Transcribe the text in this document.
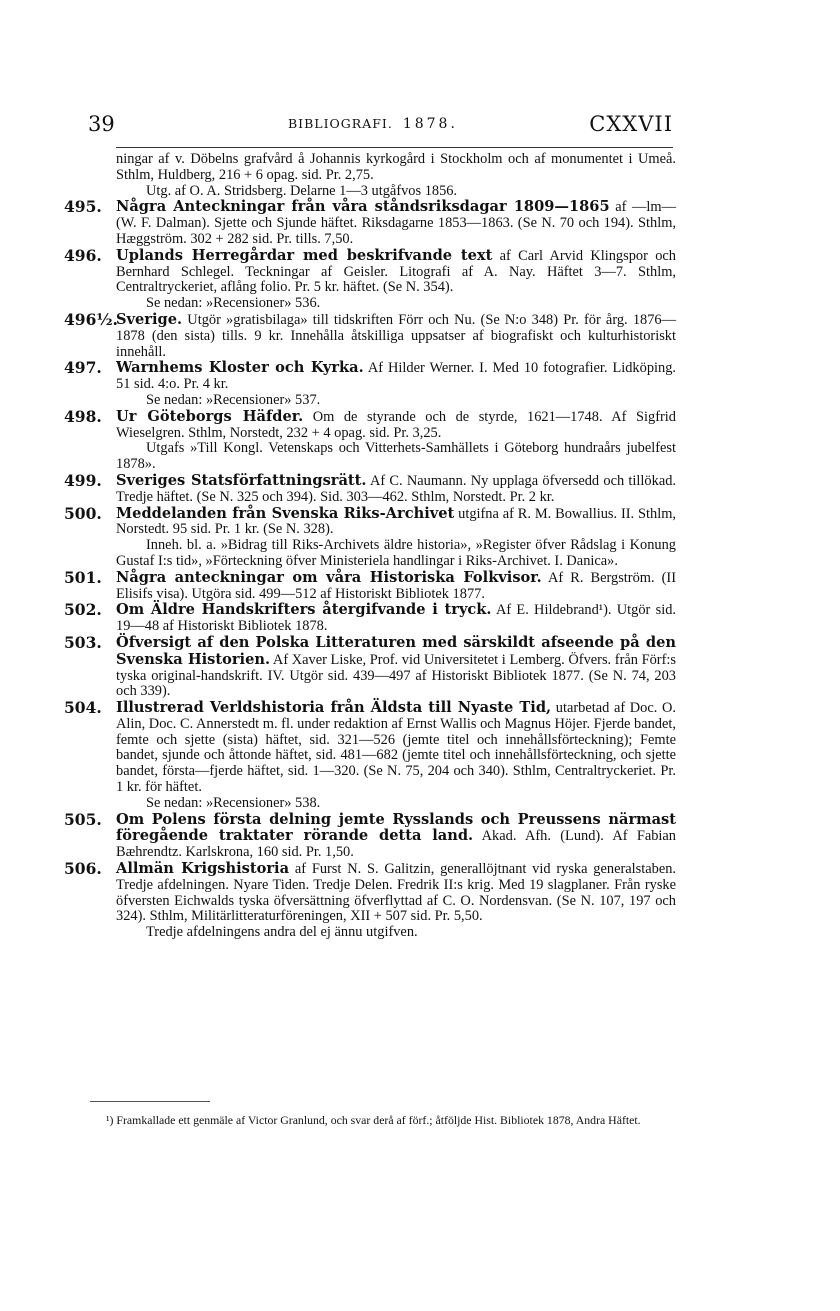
39	BIBLIOGRAFI. 1878.	CXXVII
ningar af v. Döbelns grafvård å Johannis kyrkogård i Stockholm och af monumentet i Umeå. Sthlm, Huldberg, 216 + 6 opag. sid. Pr. 2,75.
Utg. af O. A. Stridsberg. Delarne 1—3 utgåfvos 1856.
495. Några Anteckningar från våra ståndsriksdagar 1809—1865 af —lm— (W. F. Dalman). Sjette och Sjunde häftet. Riksdagarne 1853—1863. (Se N. 70 och 194). Sthlm, Hæggström. 302 + 282 sid. Pr. tills. 7,50.
496. Uplands Herregårdar med beskrifvande text af Carl Arvid Klingspor och Bernhard Schlegel. Teckningar af Geisler. Litografi af A. Nay. Häftet 3—7. Sthlm, Centraltryckeriet, aflång folio. Pr. 5 kr. häftet. (Se N. 354).
Se nedan: »Recensioner» 536.
496½.
Sverige. Utgör »gratisbilaga» till tidskriften Förr och Nu. (Se N:o 348) Pr. för årg. 1876—1878 (den sista) tills. 9 kr. Innehålla åtskilliga uppsatser af biografiskt och kulturhistoriskt innehåll.
497. Warnhems Kloster och Kyrka. Af Hilder Werner. I. Med 10 fotografier. Lidköping. 51 sid. 4:o. Pr. 4 kr.
Se nedan: »Recensioner» 537.
498. Ur Göteborgs Häfder. Om de styrande och de styrde, 1621—1748. Af Sigfrid Wieselgren. Sthlm, Norstedt, 232 + 4 opag. sid. Pr. 3,25.
Utgafs »Till Kongl. Vetenskaps och Vitterhets-Samhällets i Göteborg hundraårs jubelfest 1878».
499. Sveriges Statsförfattningsrätt. Af C. Naumann. Ny upplaga öfversedd och tillökad. Tredje häftet. (Se N. 325 och 394). Sid. 303—462. Sthlm, Norstedt. Pr. 2 kr.
500. Meddelanden från Svenska Riks-Archivet utgifna af R. M. Bowallius. II. Sthlm, Norstedt. 95 sid. Pr. 1 kr. (Se N. 328).
Inneh. bl. a. »Bidrag till Riks-Archivets äldre historia», »Register öfver Rådslag i Konung Gustaf I:s tid», »Förteckning öfver Ministeriela handlingar i Riks-Archivet. I. Danica».
501. Några anteckningar om våra Historiska Folkvisor. Af R. Bergström. (II Elisifs visa). Utgöra sid. 499—512 af Historiskt Bibliotek 1877.
502. Om Äldre Handskrifters återgifvande i tryck. Af E. Hildebrand¹). Utgör sid. 19—48 af Historiskt Bibliotek 1878.
503. Öfversigt af den Polska Litteraturen med särskildt afseende på den Svenska Historien. Af Xaver Liske, Prof. vid Universitetet i Lemberg. Öfvers. från Förf:s tyska original-handskrift. IV. Utgör sid. 439—497 af Historiskt Bibliotek 1877. (Se N. 74, 203 och 339).
504. Illustrerad Verldshistoria från Äldsta till Nyaste Tid, utarbetad af Doc. O. Alin, Doc. C. Annerstedt m. fl. under redaktion af Ernst Wallis och Magnus Höjer. Fjerde bandet, femte och sjette (sista) häftet, sid. 321—526 (jemte titel och innehållsförteckning); Femte bandet, sjunde och åttonde häftet, sid. 481—682 (jemte titel och innehållsförteckning, och sjette bandet, första—fjerde häftet, sid. 1—320. (Se N. 75, 204 och 340). Sthlm, Centraltryckeriet. Pr. 1 kr. för häftet.
Se nedan: »Recensioner» 538.
505. Om Polens första delning jemte Rysslands och Preussens närmast föregående traktater rörande detta land. Akad. Afh. (Lund). Af Fabian Bæhrendtz. Karlskrona, 160 sid. Pr. 1,50.
506. Allmän Krigshistoria af Furst N. S. Galitzin, generallöjtnant vid ryska generalstaben. Tredje afdelningen. Nyare Tiden. Tredje Delen. Fredrik II:s krig. Med 19 slagplaner. Från ryske öfversten Eichwalds tyska öfversättning öfverflyttad af C. O. Nordensvan. (Se N. 107, 197 och 324). Sthlm, Militärlitteraturföreningen, XII + 507 sid. Pr. 5,50.
Tredje afdelningens andra del ej ännu utgifven.
¹) Framkallade ett genmäle af Victor Granlund, och svar derå af förf.; åtföljde Hist. Bibliotek 1878, Andra Häftet.
